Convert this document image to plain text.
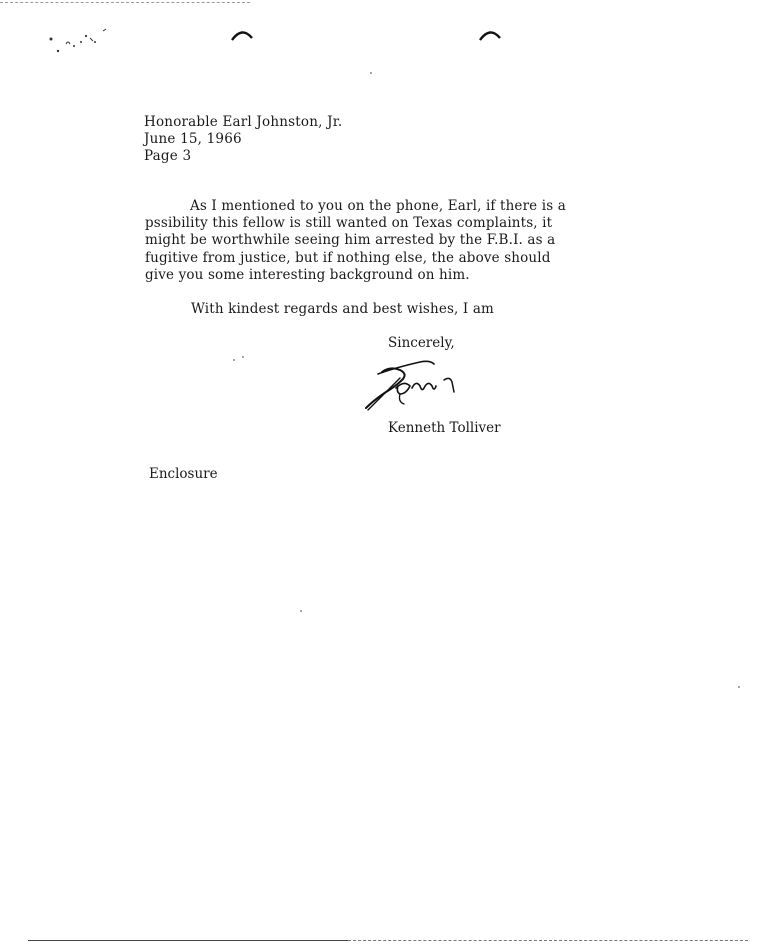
Honorable Earl Johnston, Jr.
June 15, 1966
Page 3
As I mentioned to you on the phone, Earl, if there is a
pssibility this fellow is still wanted on Texas complaints, it
might be worthwhile seeing him arrested by the F.B.I. as a
fugitive from justice, but if nothing else, the above should
give you some interesting background on him.
With kindest regards and best wishes, I am
Sincerely,
Kenneth Tolliver
Enclosure
